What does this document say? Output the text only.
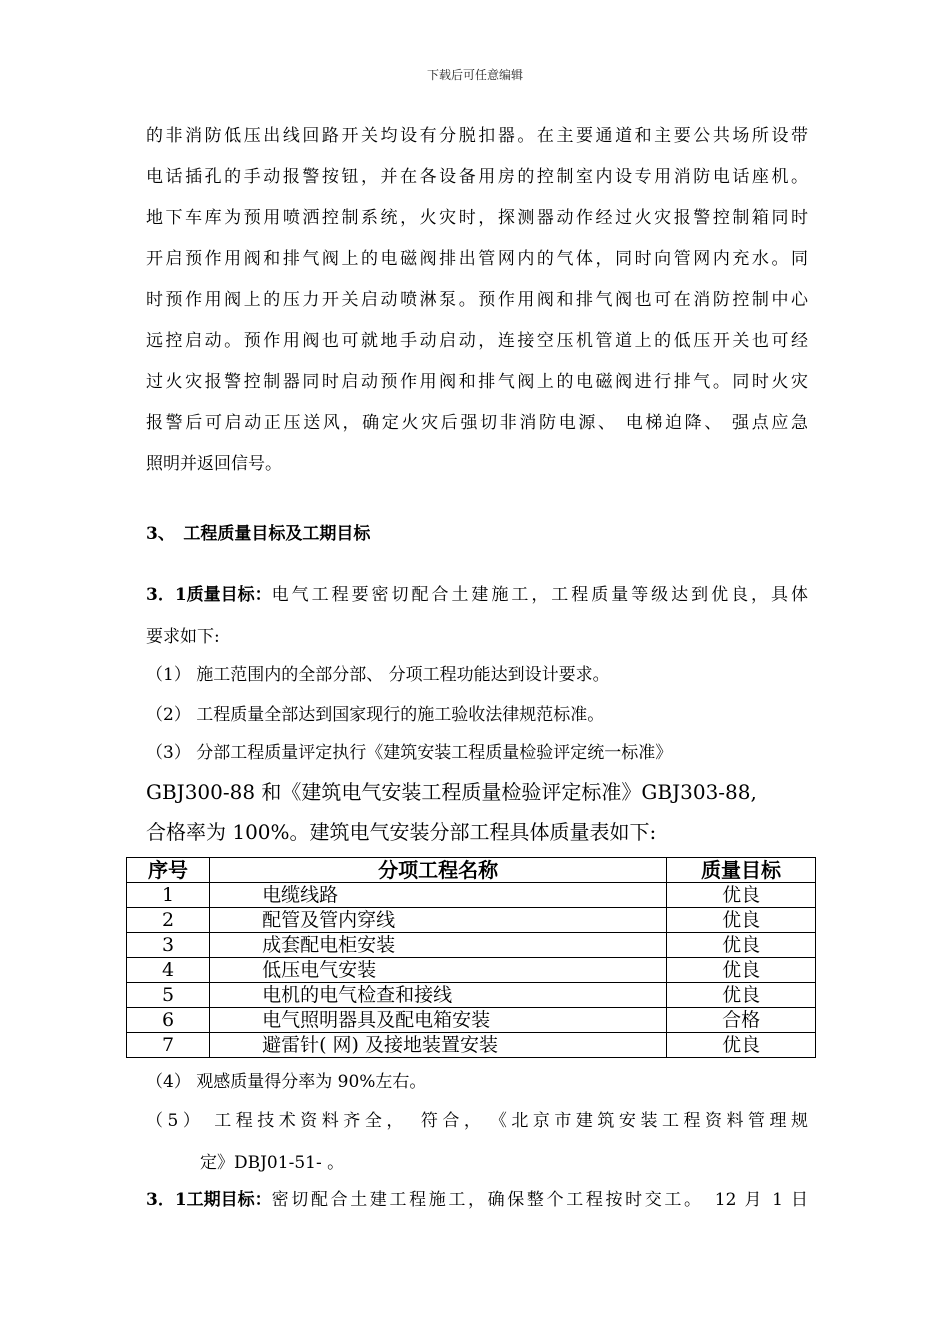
下载后可任意编辑
的非消防低压出线回路开关均设有分脱扣器。在主要通道和主要公共场所设带
电话插孔的手动报警按钮，并在各设备用房的控制室内设专用消防电话座机。
地下车库为预用喷洒控制系统，火灾时，探测器动作经过火灾报警控制箱同时
开启预作用阀和排气阀上的电磁阀排出管网内的气体，同时向管网内充水。同
时预作用阀上的压力开关启动喷淋泵。预作用阀和排气阀也可在消防控制中心
远控启动。预作用阀也可就地手动启动，连接空压机管道上的低压开关也可经
过火灾报警控制器同时启动预作用阀和排气阀上的电磁阀进行排气。同时火灾
报警后可启动正压送风，确定火灾后强切非消防电源、 电梯迫降、 强点应急
照明并返回信号。
3、　工程质量目标及工期目标
3．1质量目标： 电气工程要密切配合土建施工，工程质量等级达到优良，具体
要求如下:
（1） 施工范围内的全部分部、 分项工程功能达到设计要求。
（2） 工程质量全部达到国家现行的施工验收法律规范标准。
（3） 分部工程质量评定执行《建筑安装工程质量检验评定统一标准》
GBJ300-88 和《建筑电气安装工程质量检验评定标准》GBJ303-88,
合格率为 100%。建筑电气安装分部工程具体质量表如下:
序号	分项工程名称	质量目标
1	电缆线路	优良
2	配管及管内穿线	优良
3	成套配电柜安装	优良
4	低压电气安装	优良
5	电机的电气检查和接线	优良
6	电气照明器具及配电箱安装	合格
7	避雷针( 网) 及接地装置安装	优良
（4） 观感质量得分率为 90%左右。
（5） 工程技术资料齐全，　符合，　《北京市建筑安装工程资料管理规
定》DBJ01-51- 。
3．1工期目标： 密切配合土建工程施工，确保整个工程按时交工。　12 月 1 日
